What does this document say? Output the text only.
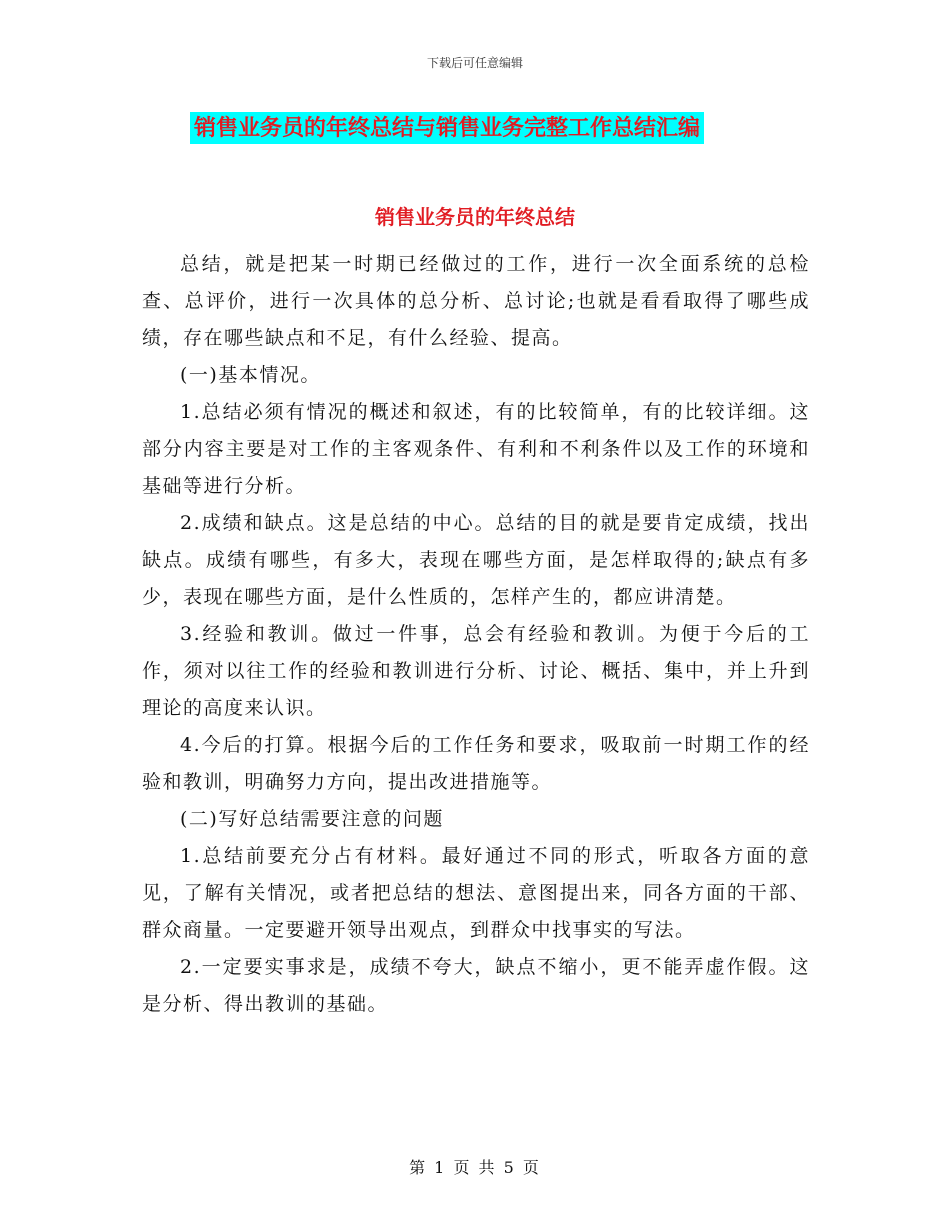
下载后可任意编辑
销售业务员的年终总结与销售业务完整工作总结汇编
销售业务员的年终总结

总结，就是把某一时期已经做过的工作，进行一次全面系统的总检查、总评价，进行一次具体的总分析、总讨论;也就是看看取得了哪些成绩，存在哪些缺点和不足，有什么经验、提高。

(一)基本情况。

1.总结必须有情况的概述和叙述，有的比较简单，有的比较详细。这部分内容主要是对工作的主客观条件、有利和不利条件以及工作的环境和基础等进行分析。

2.成绩和缺点。这是总结的中心。总结的目的就是要肯定成绩，找出缺点。成绩有哪些，有多大，表现在哪些方面，是怎样取得的;缺点有多少，表现在哪些方面，是什么性质的，怎样产生的，都应讲清楚。

3.经验和教训。做过一件事，总会有经验和教训。为便于今后的工作，须对以往工作的经验和教训进行分析、讨论、概括、集中，并上升到理论的高度来认识。

4.今后的打算。根据今后的工作任务和要求，吸取前一时期工作的经验和教训，明确努力方向，提出改进措施等。

(二)写好总结需要注意的问题

1.总结前要充分占有材料。最好通过不同的形式，听取各方面的意见，了解有关情况，或者把总结的想法、意图提出来，同各方面的干部、群众商量。一定要避开领导出观点，到群众中找事实的写法。

2.一定要实事求是，成绩不夸大，缺点不缩小，更不能弄虚作假。这是分析、得出教训的基础。

第 1 页 共 5 页
